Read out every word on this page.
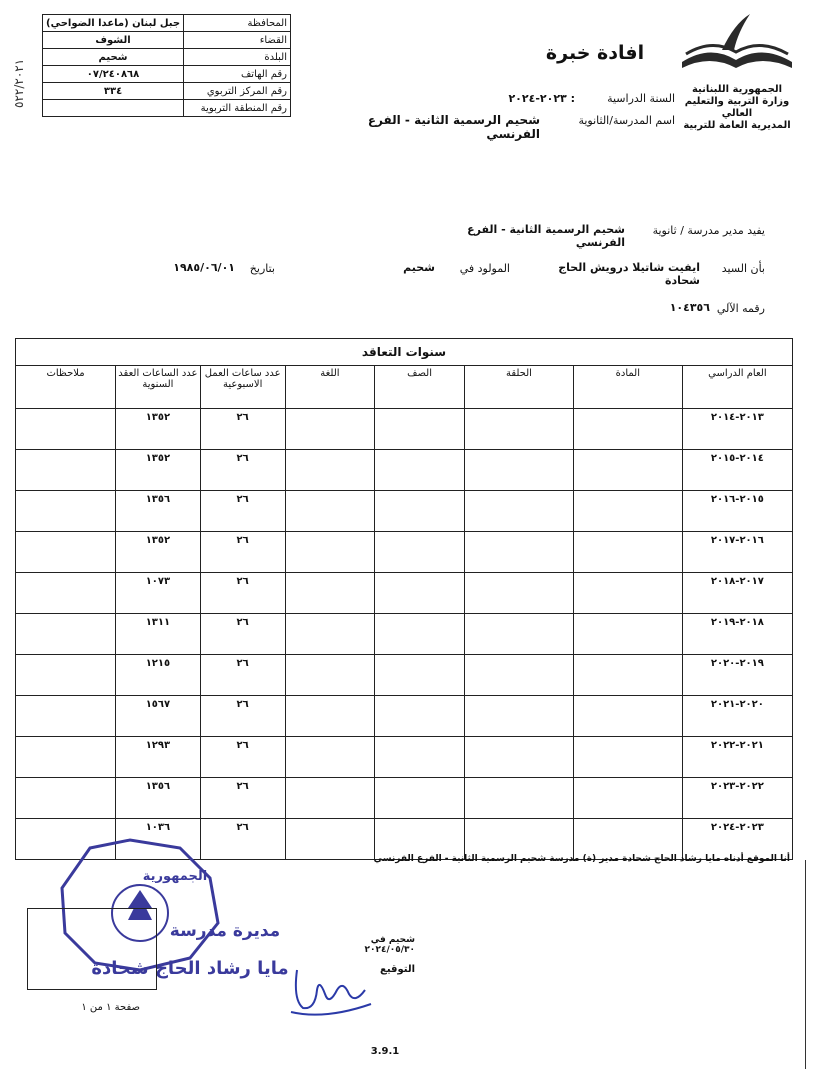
جبل لبنان (ماعدا الضواحي)	المحافظة
الشوف	القضاء
شحيم	البلدة
٠٧/٢٤٠٨٦٨	رقم الهاتف
٣٣٤	رقم المركز التربوي
	رقم المنطقة التربوية
٥٢٢/٢٠٢١
افادة خبرة
الجمهورية اللبنانية
وزارة التربية والتعليم العالي
المديرية العامة للتربية
السنة الدراسية
: ٢٠٢٣-٢٠٢٤
اسم المدرسة/الثانوية
شحيم الرسمية الثانية - الفرع الفرنسي
يفيد مدير مدرسة / ثانوية
شحيم الرسمية الثانية - الفرع الفرنسي
بأن السيد
ايفيت شاتيلا درويش الحاج شحادة
المولود في
شحيم
بتاريخ
١٩٨٥/٠٦/٠١
رقمه الآلي
١٠٤٣٥٦
سنوات التعاقد							
العام الدراسي	المادة	الحلقة	الصف	اللغة	عدد ساعات العمل الاسبوعية	عدد الساعات العقد السنوية	ملاحظات
٢٠١٣-٢٠١٤					٢٦	١٣٥٢	
٢٠١٤-٢٠١٥					٢٦	١٣٥٢	
٢٠١٥-٢٠١٦					٢٦	١٣٥٦	
٢٠١٦-٢٠١٧					٢٦	١٣٥٢	
٢٠١٧-٢٠١٨					٢٦	١٠٧٣	
٢٠١٨-٢٠١٩					٢٦	١٣١١	
٢٠١٩-٢٠٢٠					٢٦	١٢١٥	
٢٠٢٠-٢٠٢١					٢٦	١٥٦٧	
٢٠٢١-٢٠٢٢					٢٦	١٢٩٣	
٢٠٢٢-٢٠٢٣					٢٦	١٣٥٦	
٢٠٢٣-٢٠٢٤					٢٦	١٠٣٦	
أنا الموقع أدناه مايا رشاد الحاج شحادة مدير (ة) مدرسة شحيم الرسمية الثانية - الفرع الفرنسي
شحيم في ٢٠٢٤/٠٥/٣٠
التوقيع
الجمهورية
مديرة مدرسة
مايا رشاد الحاج شحادة
صفحة ١ من ١
3.9.1
